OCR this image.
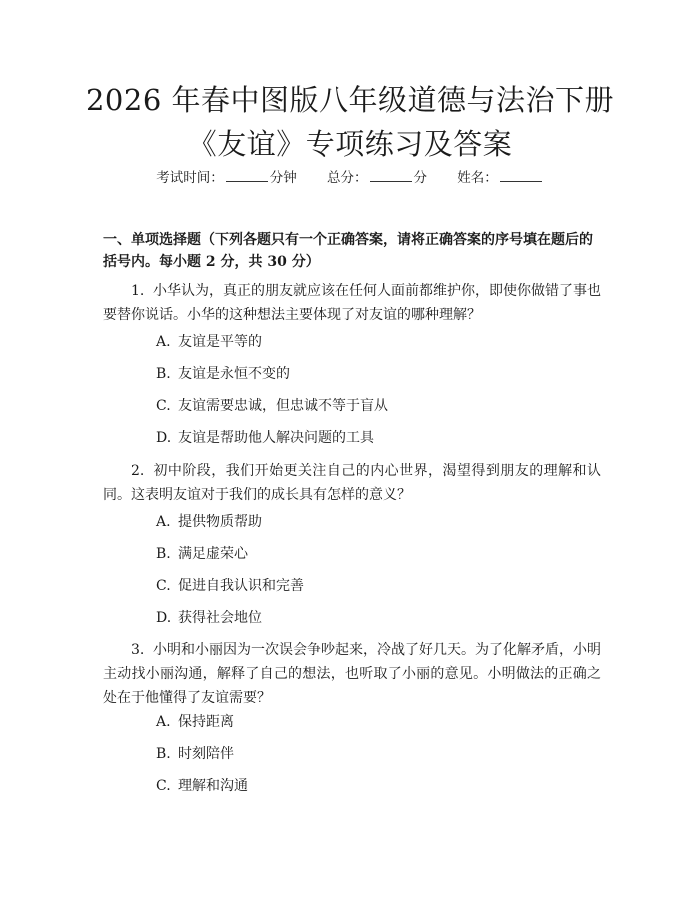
2026 年春中图版八年级道德与法治下册《友谊》专项练习及答案
考试时间：	分钟 总分：	分 姓名：

一、单项选择题（下列各题只有一个正确答案，请将正确答案的序号填在题后的括号内。每小题 2 分，共 30 分）

1. 小华认为，真正的朋友就应该在任何人面前都维护你，即使你做错了事也要替你说话。小华的这种想法主要体现了对友谊的哪种理解？

A. 友谊是平等的
B. 友谊是永恒不变的
C. 友谊需要忠诚，但忠诚不等于盲从
D. 友谊是帮助他人解决问题的工具

2. 初中阶段，我们开始更关注自己的内心世界，渴望得到朋友的理解和认同。这表明友谊对于我们的成长具有怎样的意义？

A. 提供物质帮助
B. 满足虚荣心
C. 促进自我认识和完善
D. 获得社会地位

3. 小明和小丽因为一次误会争吵起来，冷战了好几天。为了化解矛盾，小明主动找小丽沟通，解释了自己的想法，也听取了小丽的意见。小明做法的正确之处在于他懂得了友谊需要？

A. 保持距离
B. 时刻陪伴
C. 理解和沟通
